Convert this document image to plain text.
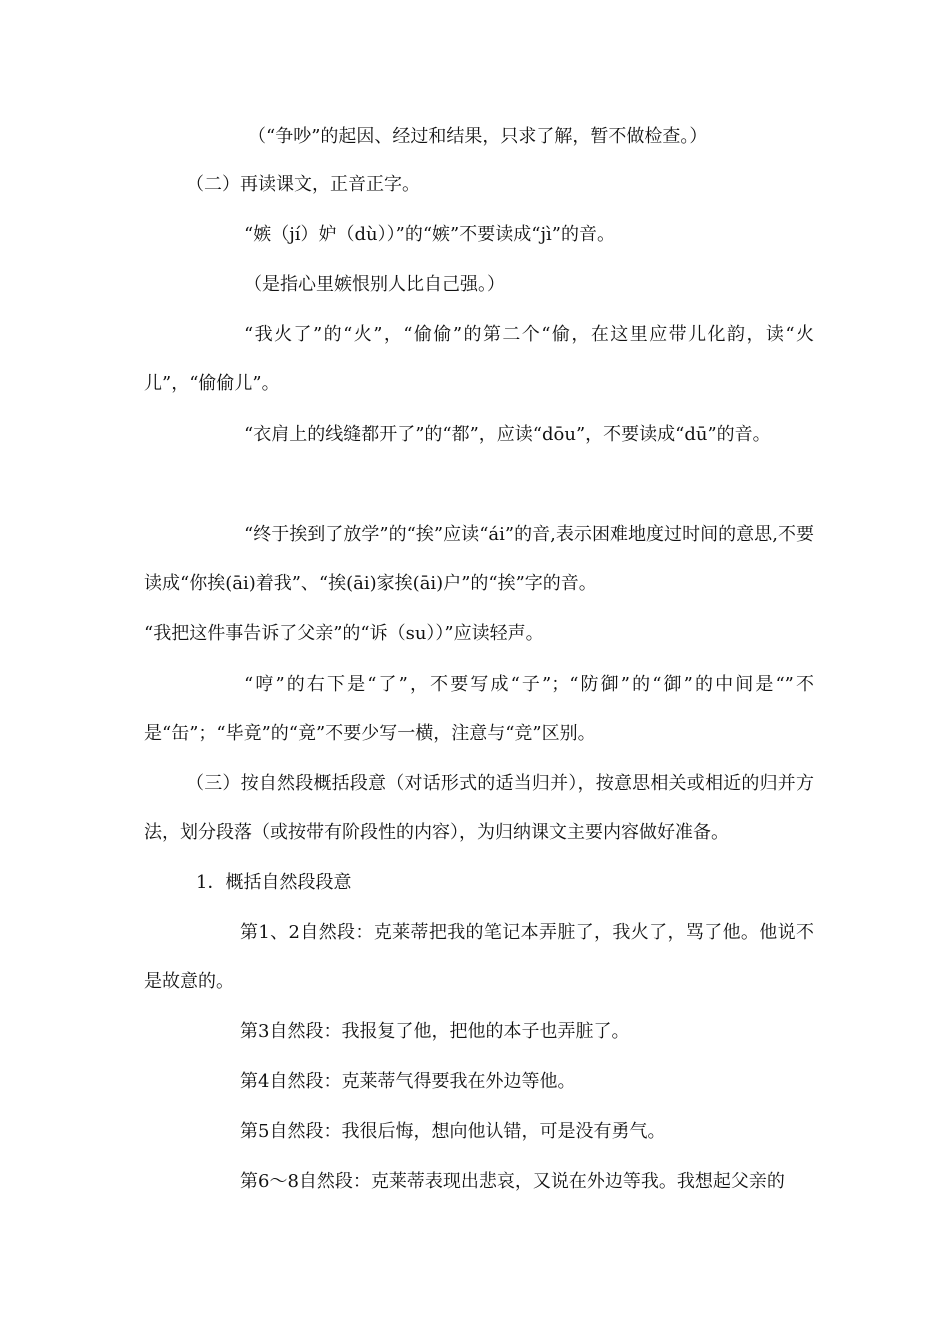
（“争吵”的起因、经过和结果，只求了解，暂不做检查。）

（二）再读课文，正音正字。

“嫉（jí）妒（dù））”的“嫉”不要读成“jì”的音。

（是指心里嫉恨别人比自己强。）

“我火了”的“火”，“偷偷”的第二个“偷，在这里应带儿化韵，读“火儿”，“偷偷儿”。

“衣肩上的线缝都开了”的“都”，应读“dōu”，不要读成“dū”的音。

“终于挨到了放学”的“挨”应读“ái”的音,表示困难地度过时间的意思,不要读成“你挨(āi)着我”、“挨(āi)家挨(āi)户”的“挨”字的音。

“我把这件事告诉了父亲”的“诉（su））”应读轻声。

“哼”的右下是“了”，不要写成“子”；“防御”的“御”的中间是“”不是“缶”；“毕竟”的“竟”不要少写一横，注意与“竞”区别。

（三）按自然段概括段意（对话形式的适当归并），按意思相关或相近的归并方法，划分段落（或按带有阶段性的内容），为归纳课文主要内容做好准备。

1．概括自然段段意

第1、2自然段：克莱蒂把我的笔记本弄脏了，我火了，骂了他。他说不是故意的。

第3自然段：我报复了他，把他的本子也弄脏了。

第4自然段：克莱蒂气得要我在外边等他。

第5自然段：我很后悔，想向他认错，可是没有勇气。

第6～8自然段：克莱蒂表现出悲哀，又说在外边等我。我想起父亲的
